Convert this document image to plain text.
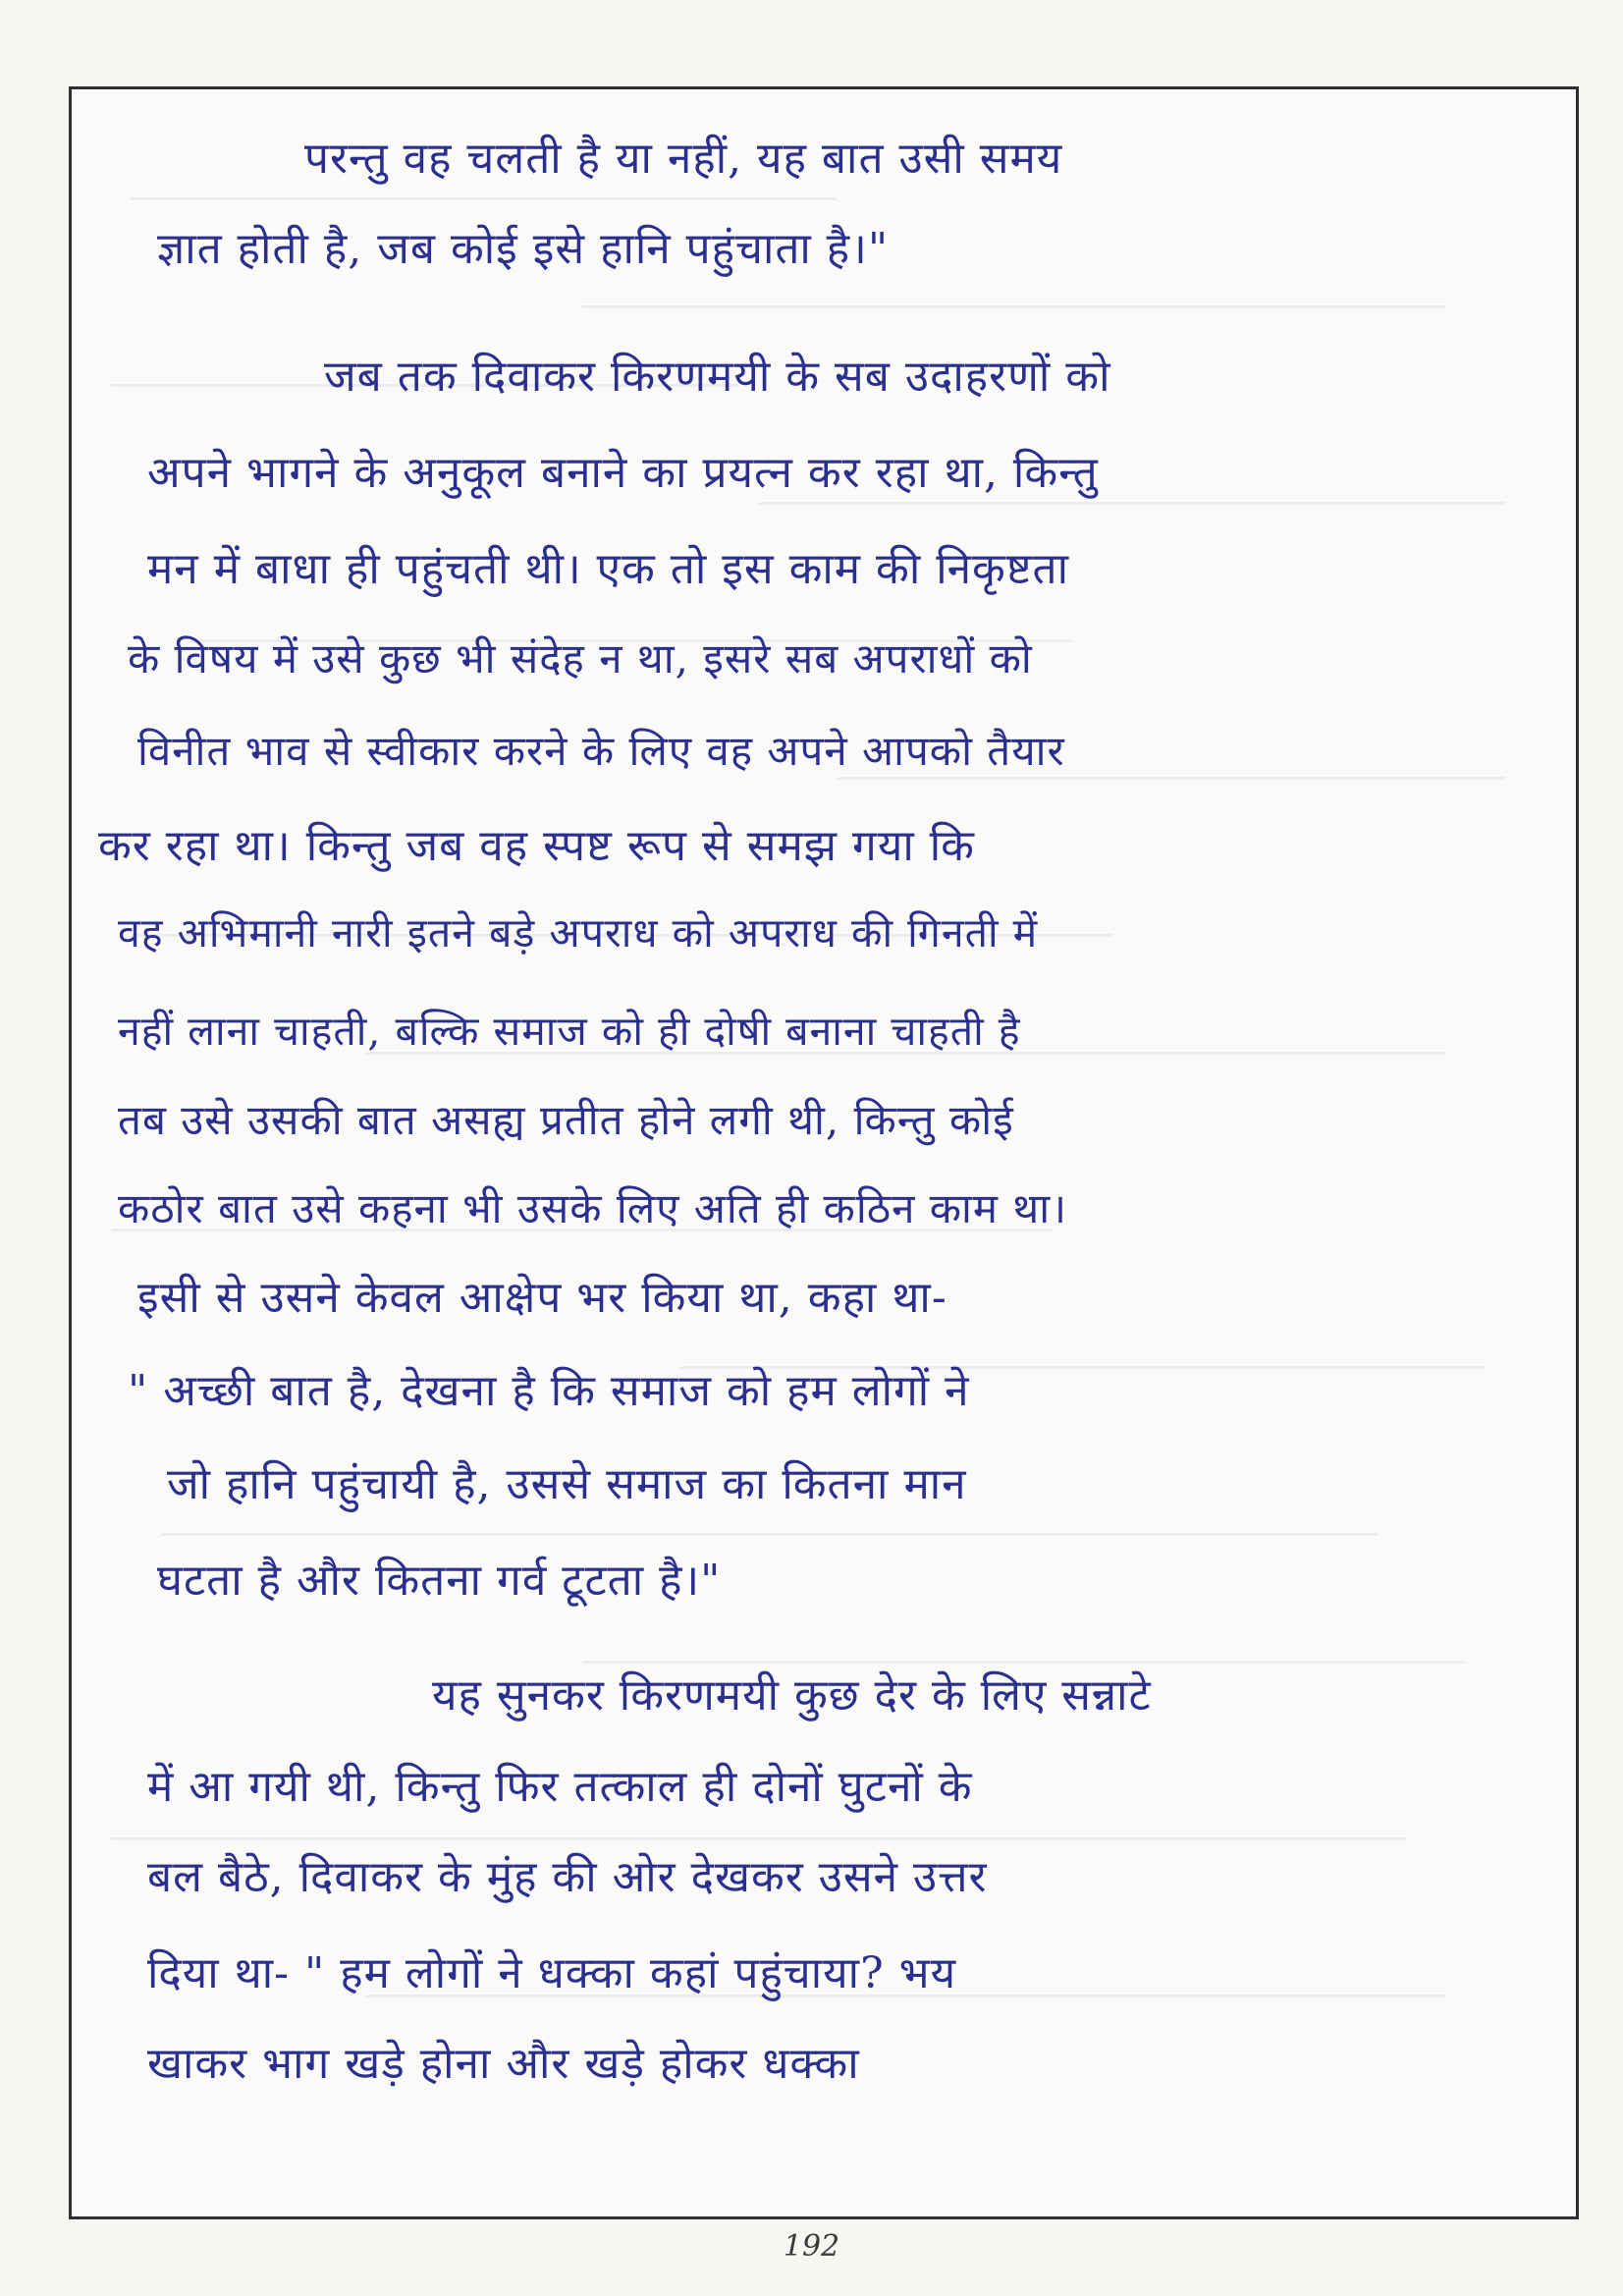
परन्तु वह चलती है या नहीं, यह बात उसी समय
ज्ञात होती है, जब कोई इसे हानि पहुंचाता है।"
जब तक दिवाकर किरणमयी के सब उदाहरणों को
अपने भागने के अनुकूल बनाने का प्रयत्न कर रहा था, किन्तु
मन में बाधा ही पहुंचती थी। एक तो इस काम की निकृष्टता
के विषय में उसे कुछ भी संदेह न था, इसरे सब अपराधों को
विनीत भाव से स्वीकार करने के लिए वह अपने आपको तैयार
कर रहा था। किन्तु जब वह स्पष्ट रूप से समझ गया कि
वह अभिमानी नारी इतने बड़े अपराध को अपराध की गिनती में
नहीं लाना चाहती, बल्कि समाज को ही दोषी बनाना चाहती है
तब उसे उसकी बात असह्य प्रतीत होने लगी थी, किन्तु कोई
कठोर बात उसे कहना भी उसके लिए अति ही कठिन काम था।
इसी से उसने केवल आक्षेप भर किया था, कहा था-
" अच्छी बात है, देखना है कि समाज को हम लोगों ने
जो हानि पहुंचायी है, उससे समाज का कितना मान
घटता है और कितना गर्व टूटता है।"
यह सुनकर किरणमयी कुछ देर के लिए सन्नाटे
में आ गयी थी, किन्तु फिर तत्काल ही दोनों घुटनों के
बल बैठे, दिवाकर के मुंह की ओर देखकर उसने उत्तर
दिया था- " हम लोगों ने धक्का कहां पहुंचाया? भय
खाकर भाग खड़े होना और खड़े होकर धक्का
192
